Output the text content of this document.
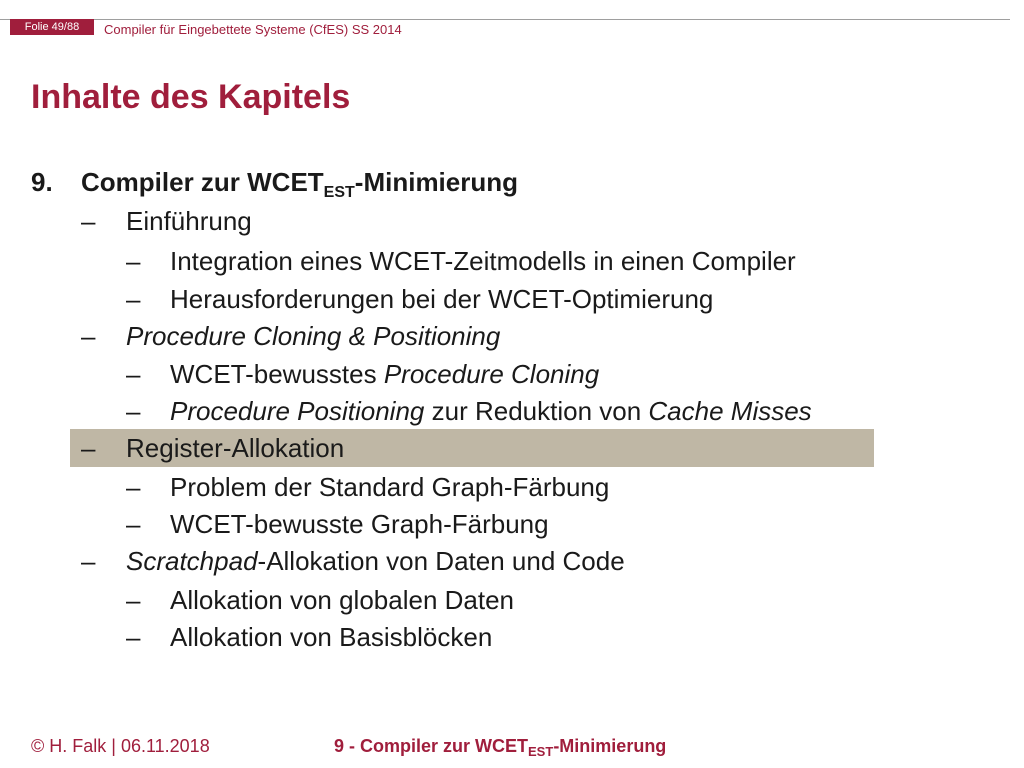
Folie 49/88	Compiler für Eingebettete Systeme (CfES) SS 2014
Inhalte des Kapitels
9. Compiler zur $WCET_{EST}$-Minimierung
– Einführung
– Integration eines WCET-Zeitmodells in einen Compiler
– Herausforderungen bei der WCET-Optimierung
– Procedure Cloning & Positioning
– WCET-bewusstes Procedure Cloning
– Procedure Positioning zur Reduktion von Cache Misses
– Register-Allokation
– Problem der Standard Graph-Färbung
– WCET-bewusste Graph-Färbung
– Scratchpad-Allokation von Daten und Code
– Allokation von globalen Daten
– Allokation von Basisblöcken
© H. Falk | 06.11.2018	9 - Compiler zur $WCET_{EST}$-Minimierung
